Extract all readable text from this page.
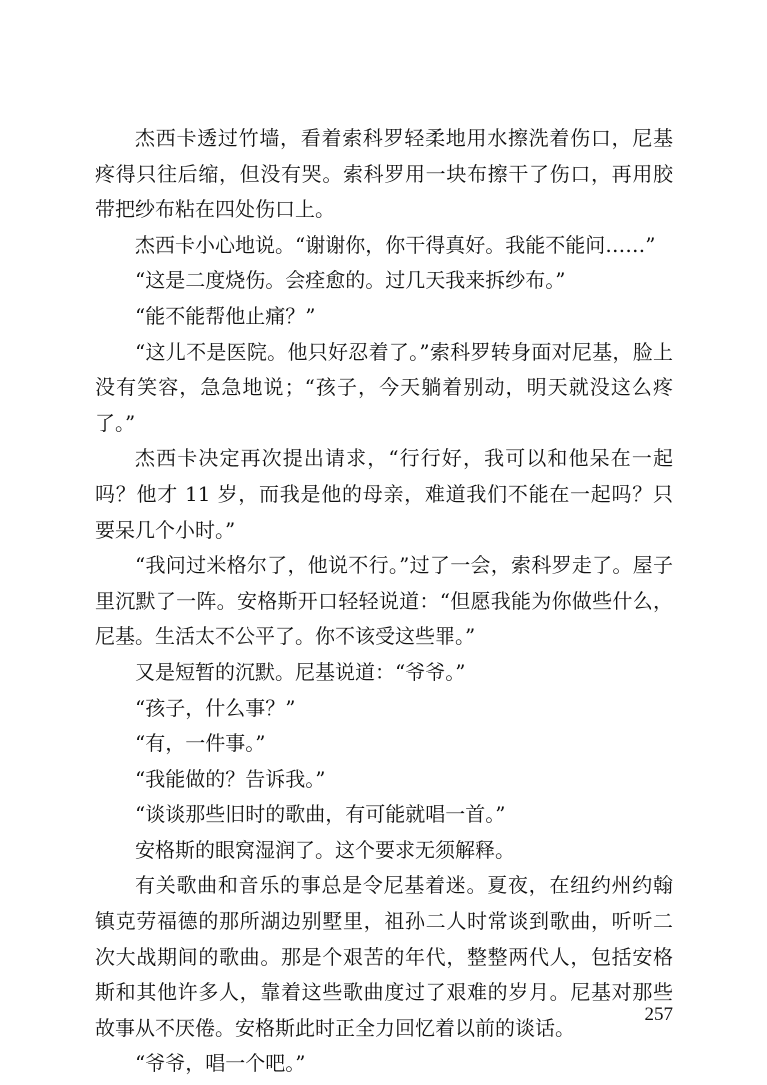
杰西卡透过竹墙，看着索科罗轻柔地用水擦洗着伤口，尼基疼得只往后缩，但没有哭。索科罗用一块布擦干了伤口，再用胶带把纱布粘在四处伤口上。

杰西卡小心地说。“谢谢你，你干得真好。我能不能问……”

“这是二度烧伤。会痊愈的。过几天我来拆纱布。”

“能不能帮他止痛？”

“这儿不是医院。他只好忍着了。”索科罗转身面对尼基，脸上没有笑容，急急地说；“孩子，今天躺着别动，明天就没这么疼了。”

杰西卡决定再次提出请求，“行行好，我可以和他呆在一起吗？他才 11 岁，而我是他的母亲，难道我们不能在一起吗？只要呆几个小时。”

“我问过米格尔了，他说不行。”过了一会，索科罗走了。屋子里沉默了一阵。安格斯开口轻轻说道：“但愿我能为你做些什么，尼基。生活太不公平了。你不该受这些罪。”

又是短暂的沉默。尼基说道：“爷爷。”

“孩子，什么事？”

“有，一件事。”

“我能做的？告诉我。”

“谈谈那些旧时的歌曲，有可能就唱一首。”

安格斯的眼窝湿润了。这个要求无须解释。

有关歌曲和音乐的事总是令尼基着迷。夏夜，在纽约州约翰镇克劳福德的那所湖边别墅里，祖孙二人时常谈到歌曲，听听二次大战期间的歌曲。那是个艰苦的年代，整整两代人，包括安格斯和其他许多人，靠着这些歌曲度过了艰难的岁月。尼基对那些故事从不厌倦。安格斯此时正全力回忆着以前的谈话。

“爷爷，唱一个吧。”

257
